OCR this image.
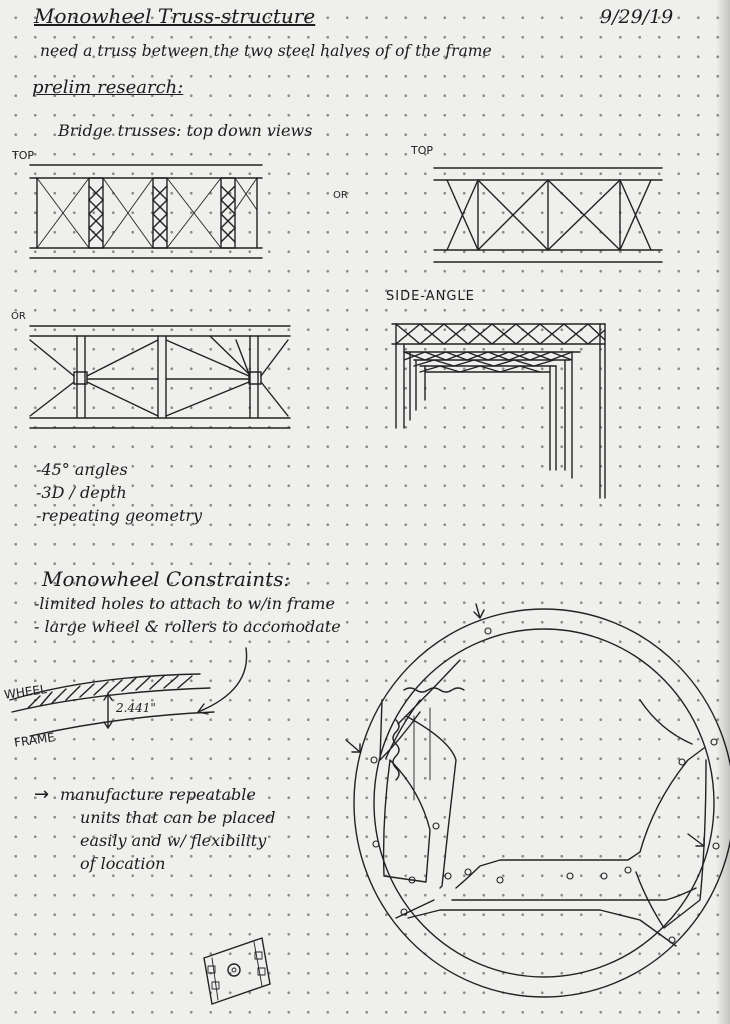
Monowheel Truss-structure	9/29/19
need a truss between the two steel halves of of the frame
prelim research:
Bridge trusses: top down views
TOP	TOP
OR
OR
SIDE-ANGLE
-45° angles
-3D / depth
-repeating geometry
Monowheel Constraints:
-limited holes to attach to w/in frame
- large wheel & rollers to accomodate
WHEEL
FRAME
2.441"
→ manufacture repeatable
units that can be placed
easily and w/ flexibility
of location
